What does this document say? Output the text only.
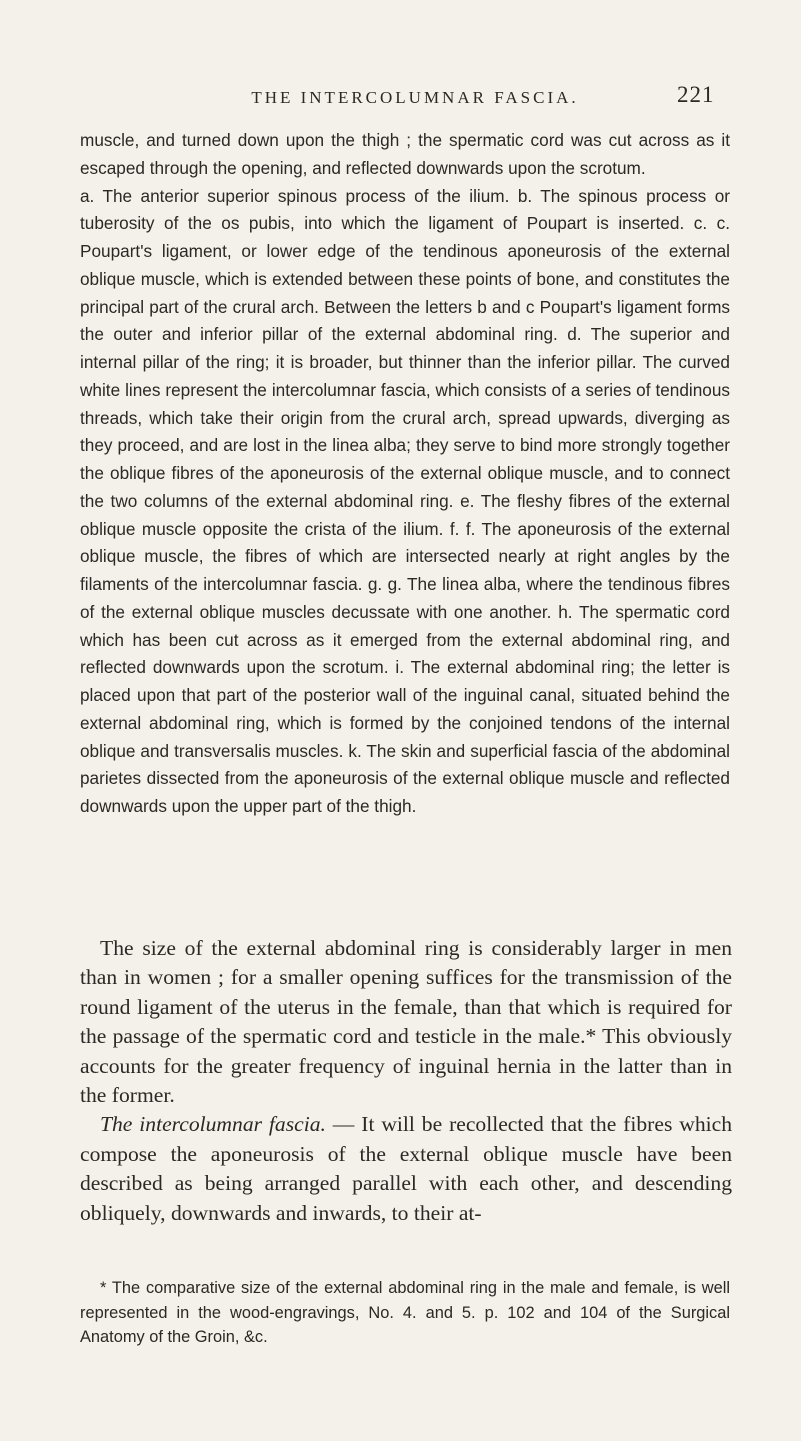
THE INTERCOLUMNAR FASCIA.	221

muscle, and turned down upon the thigh ; the spermatic cord was cut across as it escaped through the opening, and reflected downwards upon the scrotum.

a. The anterior superior spinous process of the ilium. b. The spinous process or tuberosity of the os pubis, into which the ligament of Poupart is inserted. c. c. Poupart's ligament, or lower edge of the tendinous aponeurosis of the external oblique muscle, which is extended between these points of bone, and constitutes the principal part of the crural arch. Between the letters b and c Poupart's ligament forms the outer and inferior pillar of the external abdominal ring. d. The superior and internal pillar of the ring; it is broader, but thinner than the inferior pillar. The curved white lines represent the intercolumnar fascia, which consists of a series of tendinous threads, which take their origin from the crural arch, spread upwards, diverging as they proceed, and are lost in the linea alba; they serve to bind more strongly together the oblique fibres of the aponeurosis of the external oblique muscle, and to connect the two columns of the external abdominal ring. e. The fleshy fibres of the external oblique muscle opposite the crista of the ilium. f. f. The aponeurosis of the external oblique muscle, the fibres of which are intersected nearly at right angles by the filaments of the intercolumnar fascia. g. g. The linea alba, where the tendinous fibres of the external oblique muscles decussate with one another. h. The spermatic cord which has been cut across as it emerged from the external abdominal ring, and reflected downwards upon the scrotum. i. The external abdominal ring; the letter is placed upon that part of the posterior wall of the inguinal canal, situated behind the external abdominal ring, which is formed by the conjoined tendons of the internal oblique and transversalis muscles. k. The skin and superficial fascia of the abdominal parietes dissected from the aponeurosis of the external oblique muscle and reflected downwards upon the upper part of the thigh.

The size of the external abdominal ring is considerably larger in men than in women ; for a smaller opening suffices for the transmission of the round ligament of the uterus in the female, than that which is required for the passage of the spermatic cord and testicle in the male.* This obviously accounts for the greater frequency of inguinal hernia in the latter than in the former.

The intercolumnar fascia. — It will be recollected that the fibres which compose the aponeurosis of the external oblique muscle have been described as being arranged parallel with each other, and descending obliquely, downwards and inwards, to their at-

* The comparative size of the external abdominal ring in the male and female, is well represented in the wood-engravings, No. 4. and 5. p. 102 and 104 of the Surgical Anatomy of the Groin, &c.
